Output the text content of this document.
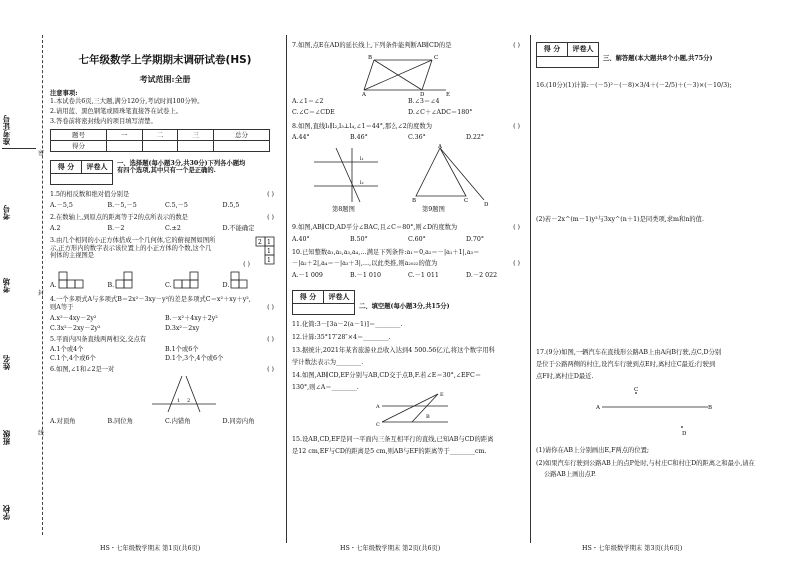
准考证号
考号
考场
姓名
班级
学校
密
封
线
七年级数学上学期期末调研试卷(HS)
考试范围:全册
注意事项:
1.本试卷共6页,三大题,满分120分,考试时间100分钟。
2.请用蓝、黑色钢笔或圆珠笔直接答在试卷上。
3.答卷前将密封线内的项目填写清楚。
题号	一	二	三	总分
得分				
得 分 评卷人	一、选择题(每小题3分,共30分)下列各小题均
有四个选项,其中只有一个是正确的.
1.5的相反数和绝对值分别是	( )
A.－5,5	B.－5,－5	C.5,－5	D.5,5
2.在数轴上,到原点的距离等于2的点所表示的数是	( )
A.2	B.－2	C.±2	D.不能确定
3.由几个相同的小正方体搭成一个几何体,它的俯视图如图所
示,正方形内的数字表示该位置上的小正方体的个数,这个几
何体的主视图是
( )
2 1
1
1
A.	B.	C.	D.
4.一个多项式A与多项式B＝2x²－3xy－y²的差是多项式C＝x²＋xy＋y²,
则A等于	( )
A.x²－4xy－2y²	B.－x²＋4xy＋2y²
C.3x²－2xy－2y²	D.3x²－2xy
5.平面内四条直线两两相交,交点有	( )
A.1个或4个	B.1个或6个
C.1个,4个或6个	D.1个,3个,4个或6个
6.如图,∠1和∠2是一对	( )
1 2
A.对顶角	B.同位角	C.内错角	D.同旁内角
7.如图,点E在AD的延长线上,下列条件能判断AB∥CD的是	( )
B	C
A	D	E
A.∠1＝∠2	B.∠3＝∠4
C.∠C＝∠CDE	D.∠C＋∠ADC＝180°
8.如图,直线l₁∥l₂,l₃⊥l₄,∠1＝44°,那么∠2的度数为	( )
A.44°	B.46°	C.36°	D.22°
l₁
l₂
第8题图
A
B	C
D
第9题图
9.如图,AB∥CD,AD平分∠BAC,且∠C＝80°,则∠D的度数为	( )
A.40°	B.50°	C.60°	D.70°
10.已知整数a₁,a₂,a₃,a₄,…满足下列条件:a₁＝0,a₂＝－|a₁＋1|,a₃＝
－|a₂＋2|,a₄＝－|a₃＋3|,…,以此类推,则a₂₀₂₂的值为	( )
A.－1 009	B.－1 010	C.－1 011	D.－2 022
得 分 评卷人
二、填空题(每小题3分,共15分)
11.化简:3－[3a－2(a－1)]＝________.
12.计算:35°17′28″×4＝________.
13.据统计,2021年某省旅游业总收入达到4 500.56亿元,将这个数字用科
学计数法表示为________.
14.如图,AB∥CD,EF分别与AB,CD交于点B,F.若∠E＝30°,∠EFC＝
130°,则∠A＝________.
A
C
E
B
15.设AB,CD,EF是同一平面内三条互相平行的直线,已知AB与CD的距离
是12 cm,EF与CD的距离是5 cm,则AB与EF的距离等于________cm.
得 分 评卷人
三、解答题(本大题共8个小题,共75分)
16.(10分)(1)计算:－(－5)²－(－8)×3/4＋(－2/5)＋(－3)×(－10/3);
(2)若－2x^(m－1)y³与3xy^(n＋1)是同类项,求m和n的值.
17.(9分)如图,一辆汽车在直线形公路AB上由A向B行驶,点C,D分别
是位于公路两侧的村庄,设汽车行驶到点E时,离村庄C最近;行驶到
点F时,离村庄D最近.
C
A	B
D
(1)请你在AB上分别画出E,F两点的位置;
(2)如果汽车行驶到公路AB上的点P处时,与村庄C和村庄D的距离之和最小,请在
公路AB上画出点P.
HS・七年级数学期末 第1页(共6页)	HS・七年级数学期末 第2页(共6页)	HS・七年级数学期末 第3页(共6页)
